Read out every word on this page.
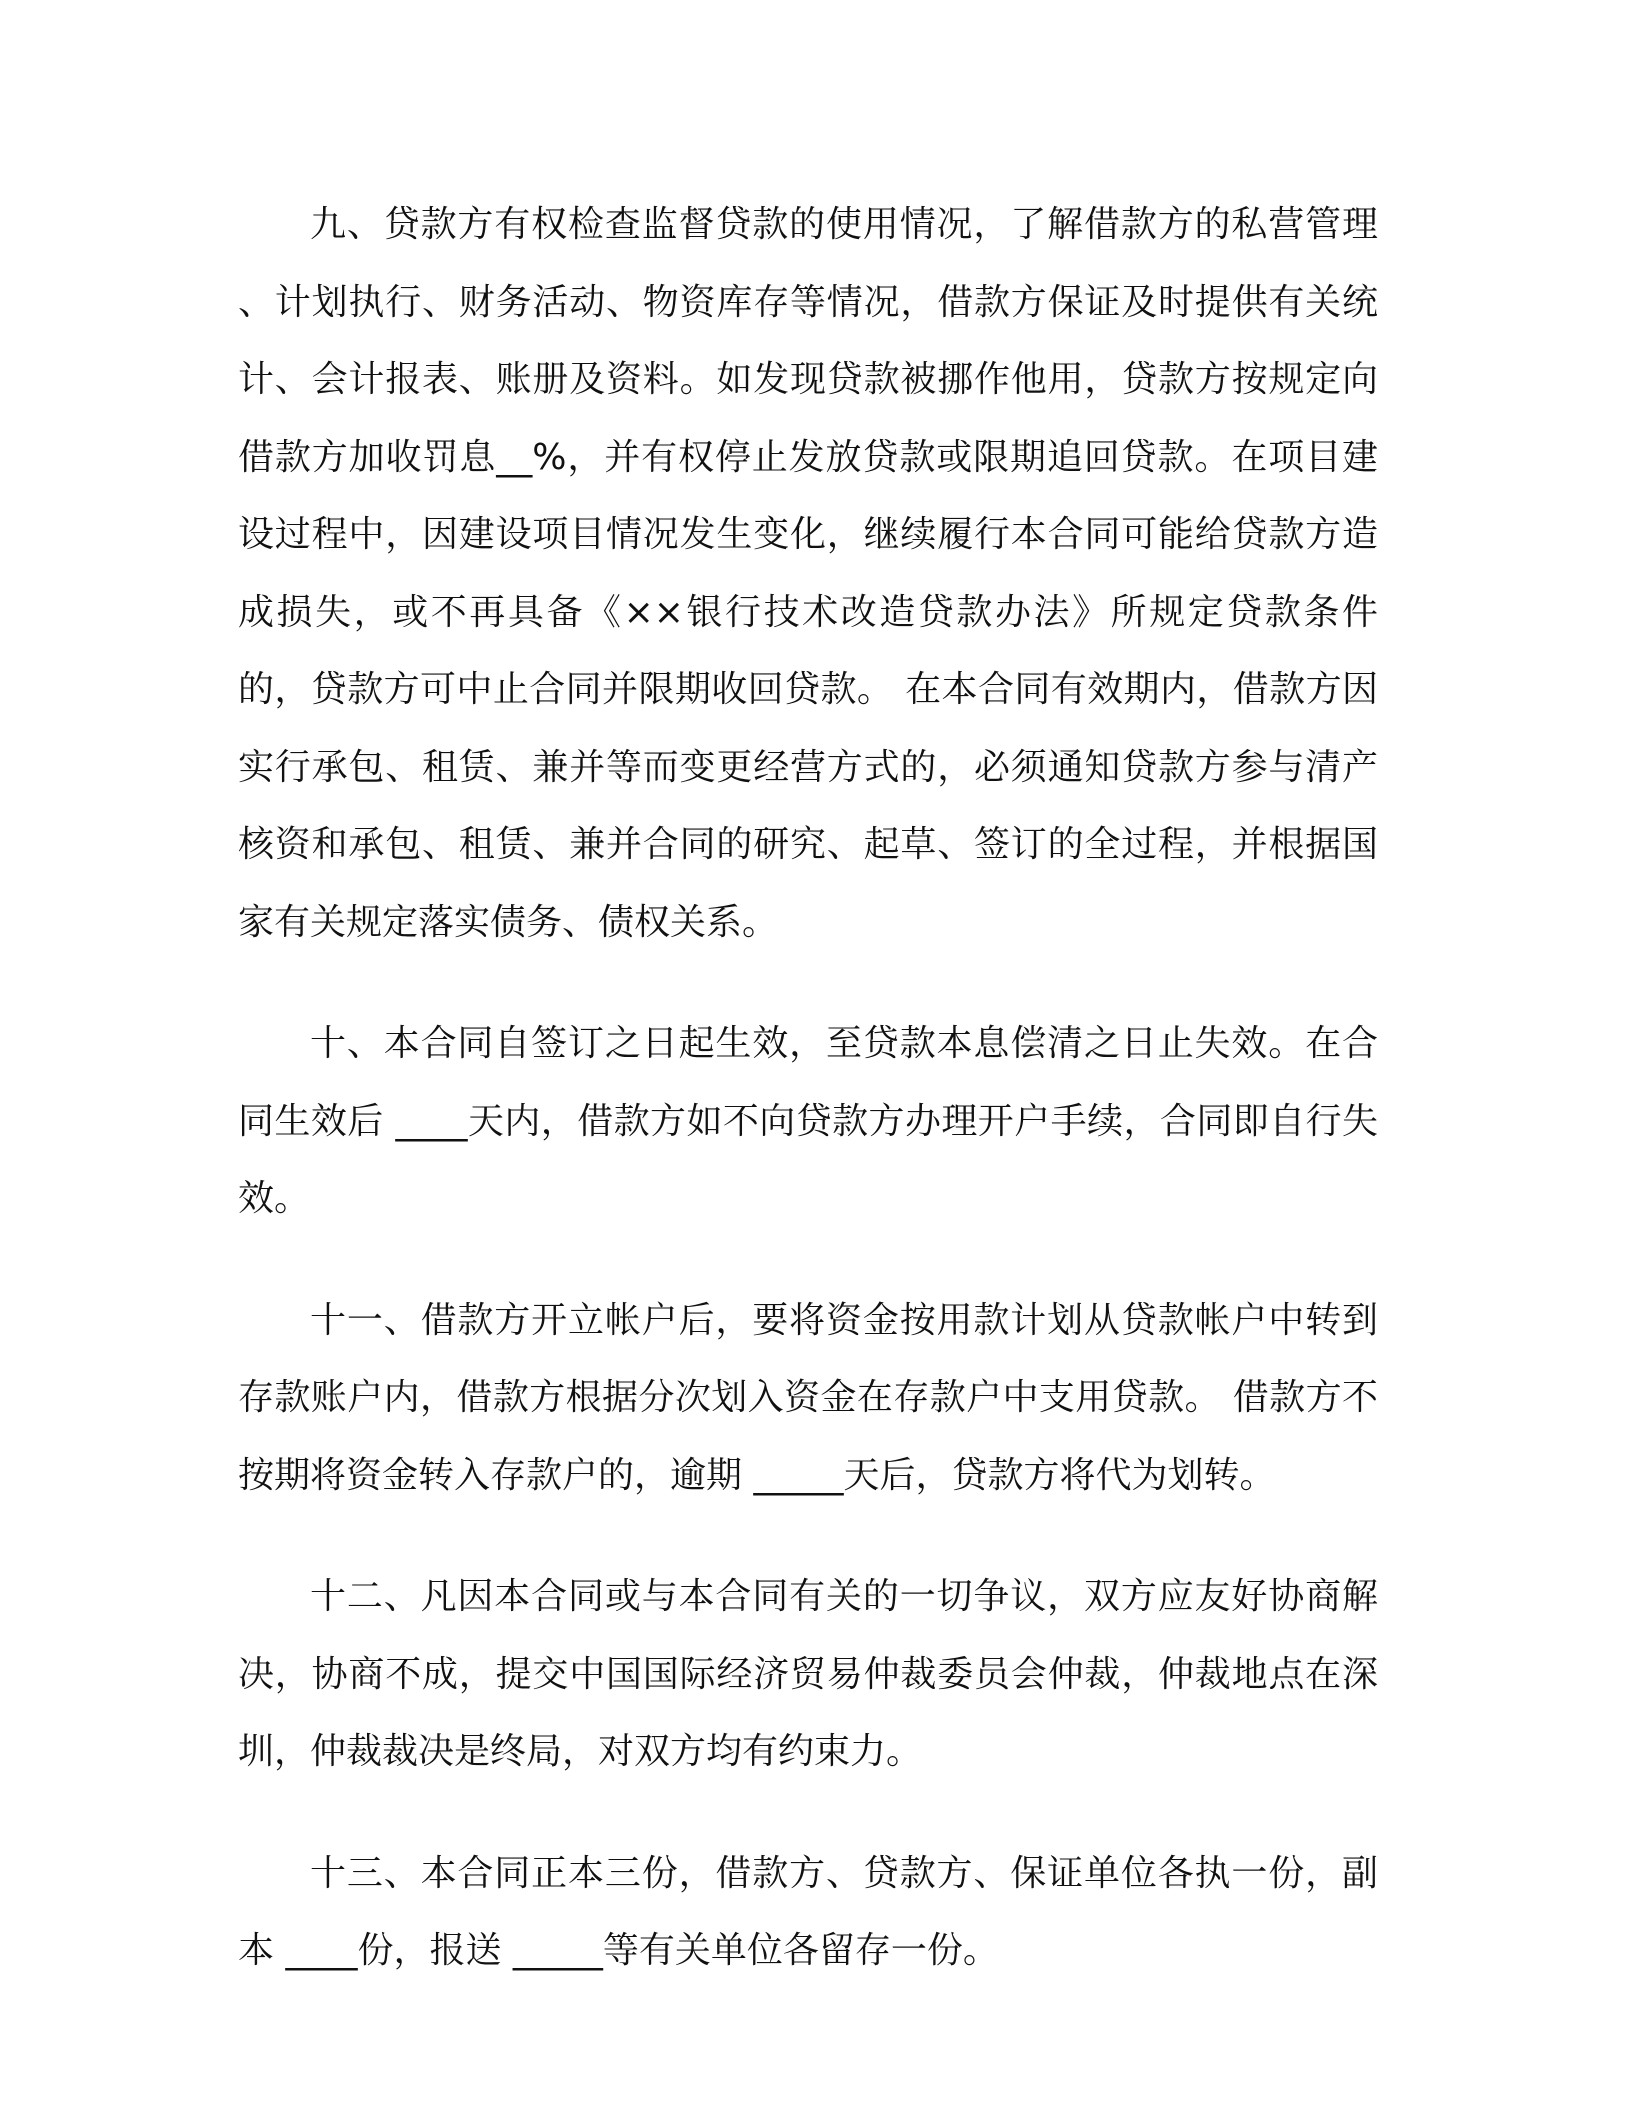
九、贷款方有权检查监督贷款的使用情况，了解借款方的私营管理 、计划执行、财务活动、物资库存等情况，借款方保证及时提供有关统计、会计报表、账册及资料。如发现贷款被挪作他用，贷款方按规定向借款方加收罚息__%，并有权停止发放贷款或限期追回贷款。在项目建设过程中，因建设项目情况发生变化，继续履行本合同可能给贷款方造成损失，或不再具备《××银行技术改造贷款办法》所规定贷款条件的，贷款方可中止合同并限期收回贷款。 在本合同有效期内，借款方因实行承包、租赁、兼并等而变更经营方式的，必须通知贷款方参与清产核资和承包、租赁、兼并合同的研究、起草、签订的全过程，并根据国家有关规定落实债务、债权关系。

十、本合同自签订之日起生效，至贷款本息偿清之日止失效。在合同生效后 ____天内，借款方如不向贷款方办理开户手续，合同即自行失效。

十一、借款方开立帐户后，要将资金按用款计划从贷款帐户中转到存款账户内，借款方根据分次划入资金在存款户中支用贷款。 借款方不按期将资金转入存款户的，逾期 _____天后，贷款方将代为划转。

十二、凡因本合同或与本合同有关的一切争议，双方应友好协商解决，协商不成，提交中国国际经济贸易仲裁委员会仲裁，仲裁地点在深圳，仲裁裁决是终局，对双方均有约束力。

十三、本合同正本三份，借款方、贷款方、保证单位各执一份，副本 ____份，报送 _____等有关单位各留存一份。
